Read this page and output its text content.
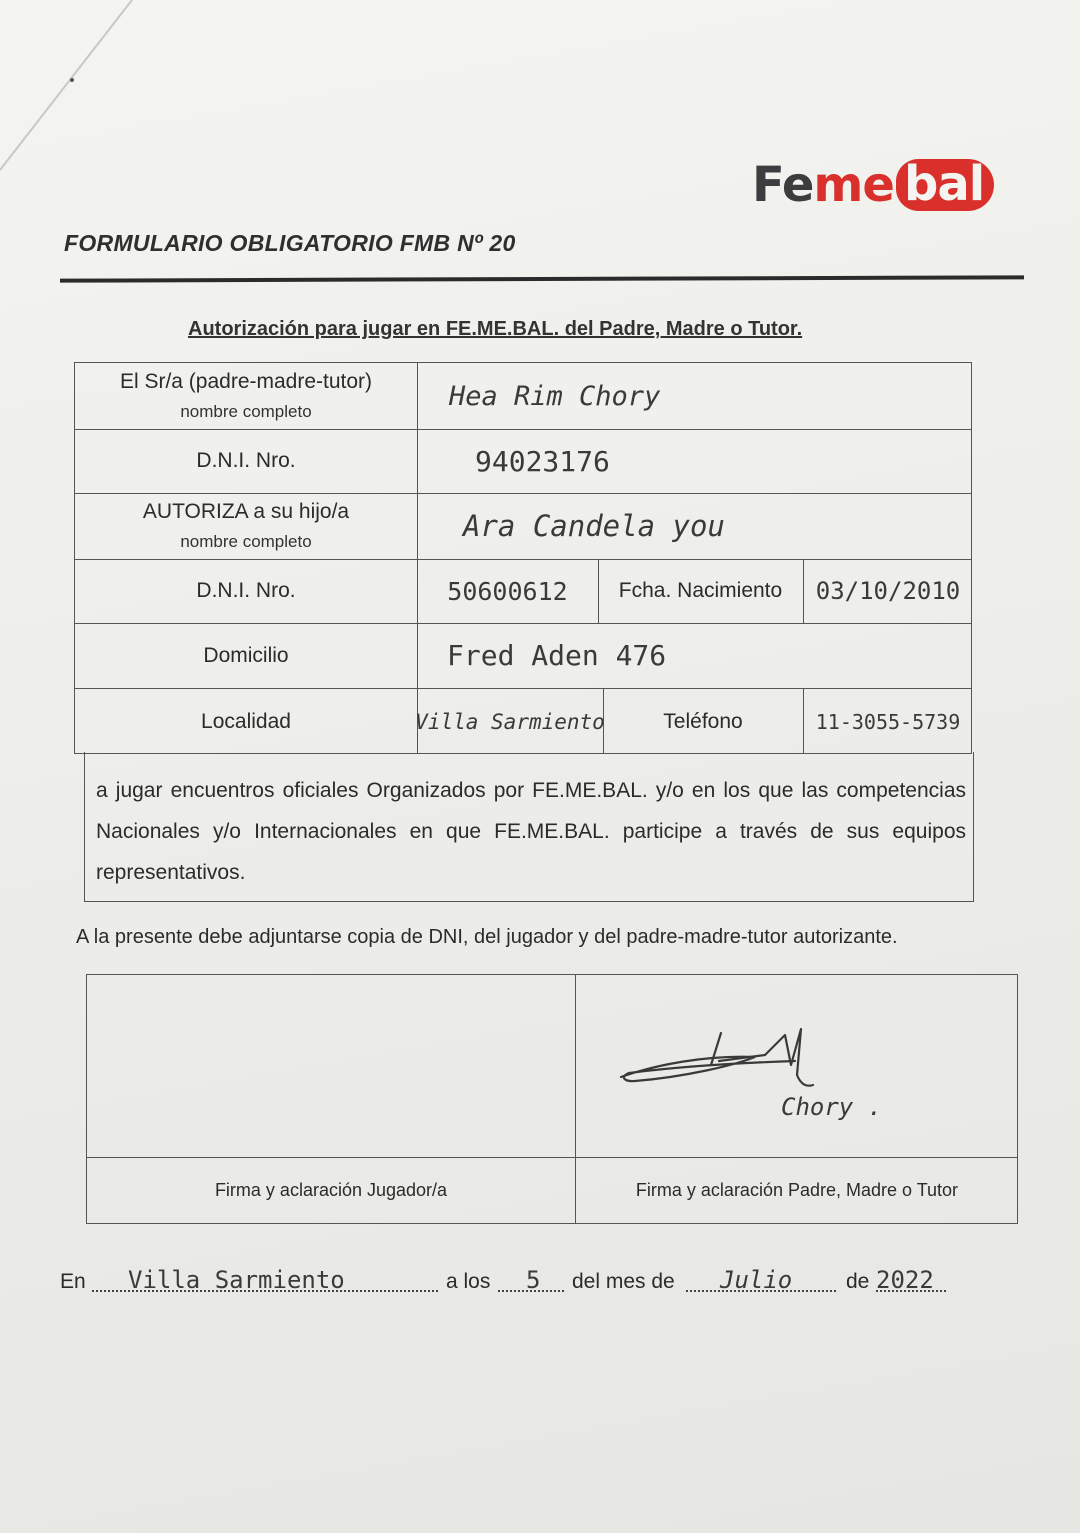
Fe me bal
FORMULARIO OBLIGATORIO FMB Nº 20
Autorización para jugar en FE.ME.BAL. del Padre, Madre o Tutor.
El Sr/a (padre-madre-tutor)
nombre completo	Hea Rim Chory
D.N.I. Nro.	94023176
AUTORIZA a su hijo/a
nombre completo	Ara Candela you
D.N.I. Nro.	50600612 Fcha. Nacimiento 03/10/2010
Domicilio	Fred Aden 476
Localidad	Villa Sarmiento	Teléfono	11-3055-5739

a jugar encuentros oficiales Organizados por FE.ME.BAL. y/o en los que las competencias Nacionales y/o Internacionales en que FE.ME.BAL. participe a través de sus equipos representativos.

A la presente debe adjuntarse copia de DNI, del jugador y del padre-madre-tutor autorizante.

Chory .
Firma y aclaración Jugador/a	Firma y aclaración Padre, Madre o Tutor
En Villa Sarmiento	a los 5 del mes de Julio	de 2022
